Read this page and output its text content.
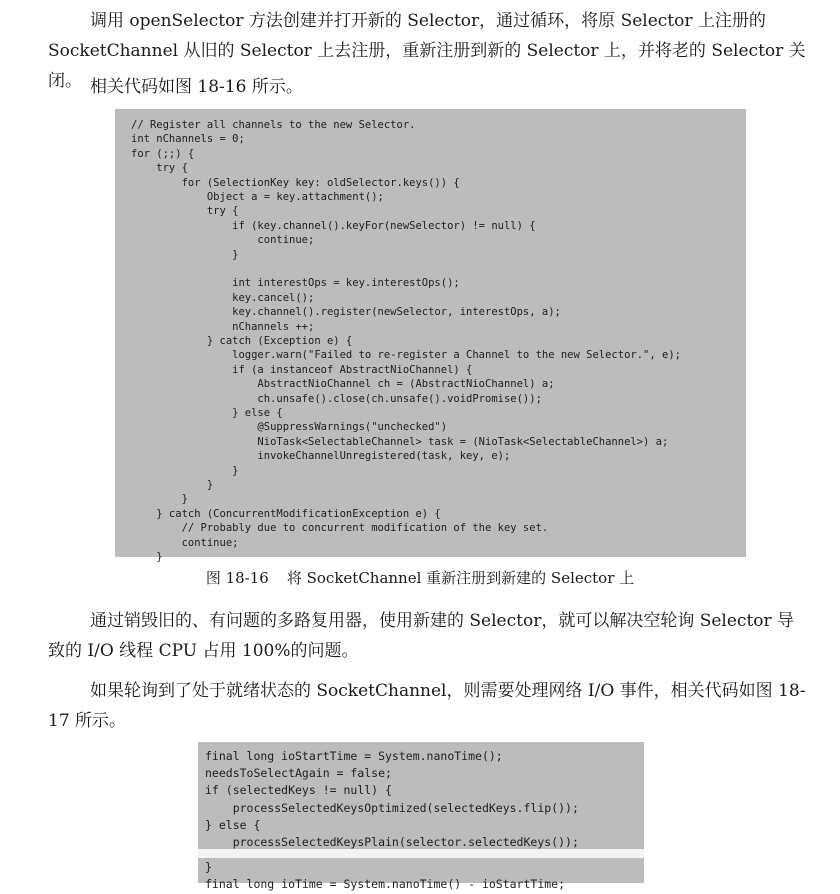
调用 openSelector 方法创建并打开新的 Selector，通过循环，将原 Selector 上注册的 SocketChannel 从旧的 Selector 上去注册，重新注册到新的 Selector 上，并将老的 Selector 关闭。 相关代码如图 18-16 所示。

// Register all channels to the new Selector.
int nChannels = 0;
for (;;) {
try {
for (SelectionKey key: oldSelector.keys()) {
Object a = key.attachment();
try {
if (key.channel().keyFor(newSelector) != null) {
continue;
}
int interestOps = key.interestOps();
key.cancel();
key.channel().register(newSelector, interestOps, a);
nChannels ++;
} catch (Exception e) {
logger.warn("Failed to re-register a Channel to the new Selector.", e);
if (a instanceof AbstractNioChannel) {
AbstractNioChannel ch = (AbstractNioChannel) a;
ch.unsafe().close(ch.unsafe().voidPromise());
} else {
@SuppressWarnings("unchecked")
NioTask<SelectableChannel> task = (NioTask<SelectableChannel>) a;
invokeChannelUnregistered(task, key, e);
}
}
}
} catch (ConcurrentModificationException e) {
// Probably due to concurrent modification of the key set.
continue;
}
图 18-16 将 SocketChannel 重新注册到新建的 Selector 上

通过销毁旧的、有问题的多路复用器，使用新建的 Selector，就可以解决空轮询 Selector 导致的 I/O 线程 CPU 占用 100%的问题。

如果轮询到了处于就绪状态的 SocketChannel，则需要处理网络 I/O 事件，相关代码如图 18-17 所示。

final long ioStartTime = System.nanoTime();
needsToSelectAgain = false;
if (selectedKeys != null) {
processSelectedKeysOptimized(selectedKeys.flip());
} else {
processSelectedKeysPlain(selector.selectedKeys());
}
final long ioTime = System.nanoTime() - ioStartTime;
